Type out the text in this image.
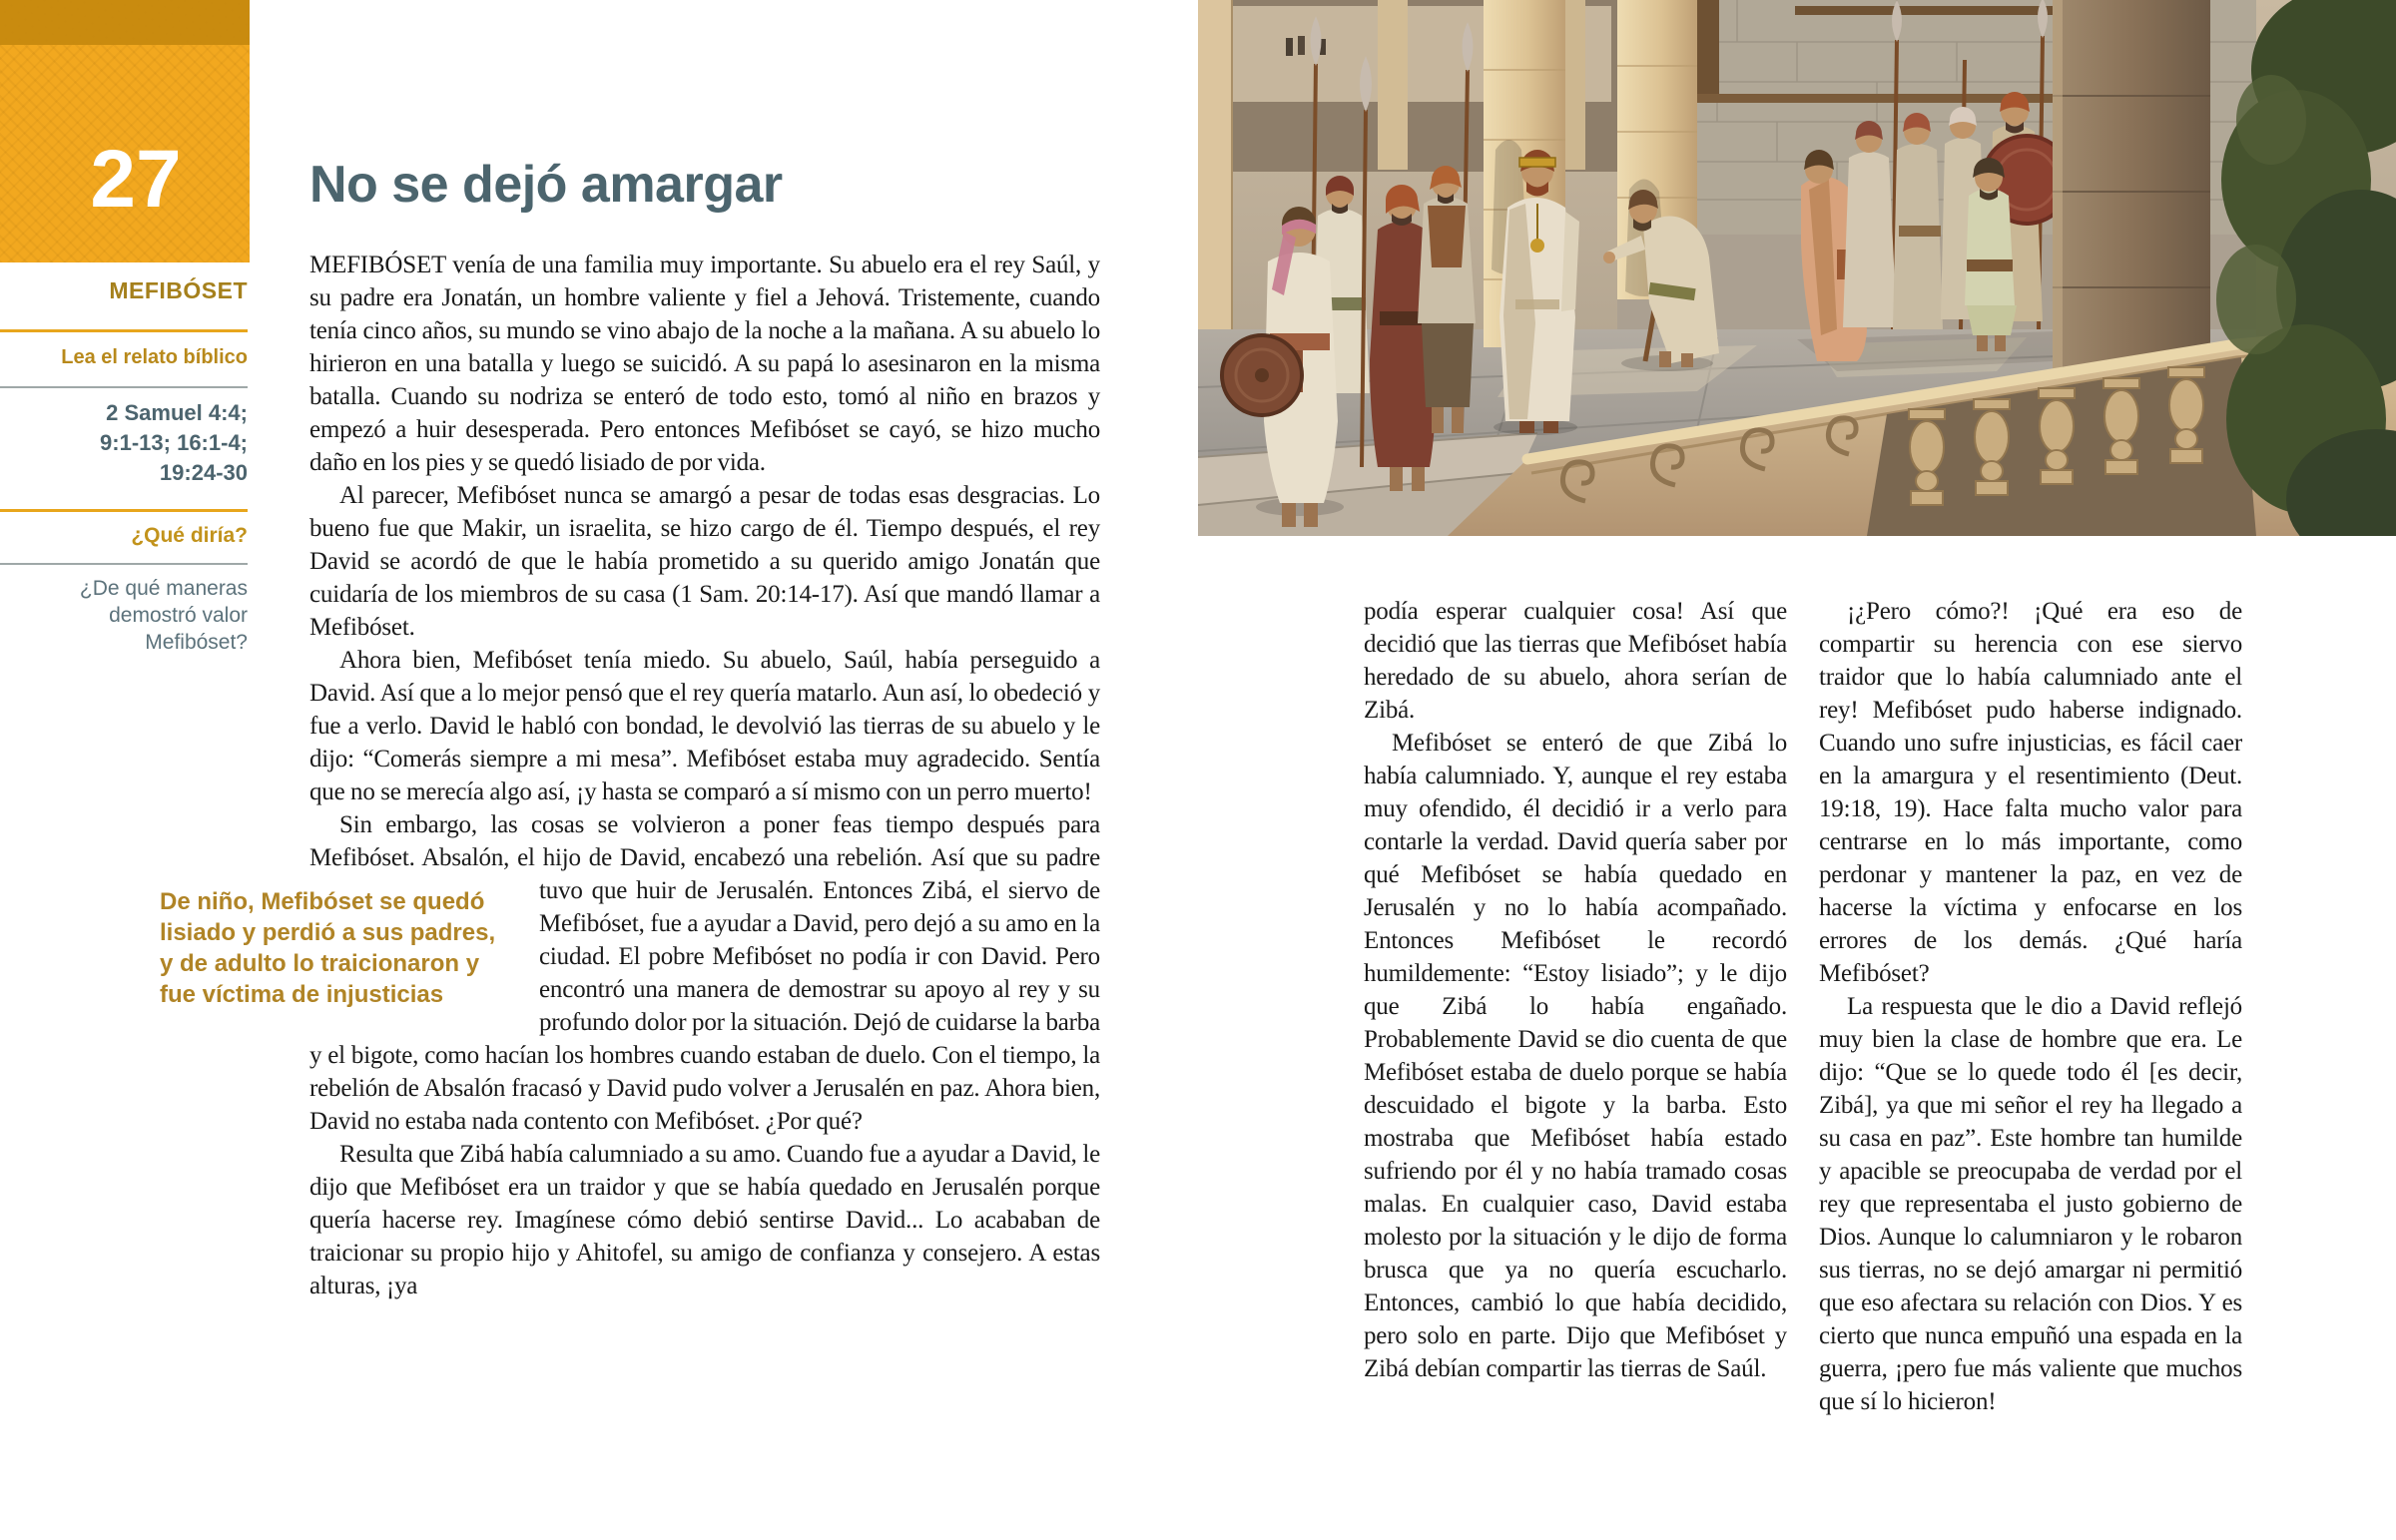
27

MEFIBÓSET

Lea el relato bíblico
2 Samuel 4:4;
9:1-13; 16:1-4;
19:24-30
¿Qué diría?
¿De qué maneras
demostró valor
Mefibóset?
No se dejó amargar

MEFIBÓSET venía de una familia muy importante. Su abuelo era el rey Saúl, y su padre era Jonatán, un hombre valiente y fiel a Jehová. Tristemente, cuando tenía cinco años, su mundo se vino abajo de la noche a la mañana. A su abuelo lo hirieron en una batalla y luego se suicidó. A su papá lo asesinaron en la misma batalla. Cuando su nodriza se enteró de todo esto, tomó al niño en brazos y empezó a huir desesperada. Pero entonces Mefibóset se cayó, se hizo mucho daño en los pies y se quedó lisiado de por vida.

Al parecer, Mefibóset nunca se amargó a pesar de todas esas desgracias. Lo bueno fue que Makir, un israelita, se hizo cargo de él. Tiempo después, el rey David se acordó de que le había prometido a su querido amigo Jonatán que cuidaría de los miembros de su casa (1 Sam. 20:14-17). Así que mandó llamar a Mefibóset.

Ahora bien, Mefibóset tenía miedo. Su abuelo, Saúl, había perseguido a David. Así que a lo mejor pensó que el rey quería matarlo. Aun así, lo obedeció y fue a verlo. David le habló con bondad, le devolvió las tierras de su abuelo y le dijo: “Comerás siempre a mi mesa”. Mefibóset estaba muy agradecido. Sentía que no se merecía algo así, ¡y hasta se comparó a sí mismo con un perro muerto!

Sin embargo, las cosas se volvieron a poner feas tiempo después para Mefibóset. Absalón, el hijo de David, encabezó una rebelión.
De niño, Mefibóset se quedó lisiado y perdió a sus padres, y de adulto lo traicionaron y fue víctima de injusticias
Así que su padre tuvo que huir de Jerusalén. Entonces Zibá, el siervo de Mefibóset, fue a ayudar a David, pero dejó a su amo en la ciudad. El pobre Mefibóset no podía ir con David. Pero encontró una manera de demostrar su apoyo al rey y su profundo dolor por la situación. Dejó de cuidarse la barba y el bigote, como hacían los hombres cuando estaban de duelo. Con el tiempo, la rebelión de Absalón fracasó y David pudo volver a Jerusalén en paz. Ahora bien, David no estaba nada contento con Mefibóset. ¿Por qué?

Resulta que Zibá había calumniado a su amo. Cuando fue a ayudar a David, le dijo que Mefibóset era un traidor y que se había quedado en Jerusalén porque quería hacerse rey. Imagínese cómo debió sentirse David... Lo acababan de traicionar su propio hijo y Ahitofel, su amigo de confianza y consejero. A estas alturas, ¡ya

podía esperar cualquier cosa! Así que decidió que las tierras que Mefibóset había heredado de su abuelo, ahora serían de Zibá.

Mefibóset se enteró de que Zibá lo había calumniado. Y, aunque el rey estaba muy ofendido, él decidió ir a verlo para contarle la verdad. David quería saber por qué Mefibóset se había quedado en Jerusalén y no lo había acompañado. Entonces Mefibóset le recordó humildemente: “Estoy lisiado”; y le dijo que Zibá lo había engañado. Probablemente David se dio cuenta de que Mefibóset estaba de duelo porque se había descuidado el bigote y la barba. Esto mostraba que Mefibóset había estado sufriendo por él y no había tramado cosas malas. En cualquier caso, David estaba molesto por la situación y le dijo de forma brusca que ya no quería escucharlo. Entonces, cambió lo que había decidido, pero solo en parte. Dijo que Mefibóset y Zibá debían compartir las tierras de Saúl.

¡¿Pero cómo?! ¡Qué era eso de compartir su herencia con ese siervo traidor que lo había calumniado ante el rey! Mefibóset pudo haberse indignado. Cuando uno sufre injusticias, es fácil caer en la amargura y el resentimiento (Deut. 19:18, 19). Hace falta mucho valor para centrarse en lo más importante, como perdonar y mantener la paz, en vez de hacerse la víctima y enfocarse en los errores de los demás. ¿Qué haría Mefibóset?

La respuesta que le dio a David reflejó muy bien la clase de hombre que era. Le dijo: “Que se lo quede todo él [es decir, Zibá], ya que mi señor el rey ha llegado a su casa en paz”. Este hombre tan humilde y apacible se preocupaba de verdad por el rey que representaba el justo gobierno de Dios. Aunque lo calumniaron y le robaron sus tierras, no se dejó amargar ni permitió que eso afectara su relación con Dios. Y es cierto que nunca empuñó una espada en la guerra, ¡pero fue más valiente que muchos que sí lo hicieron!
